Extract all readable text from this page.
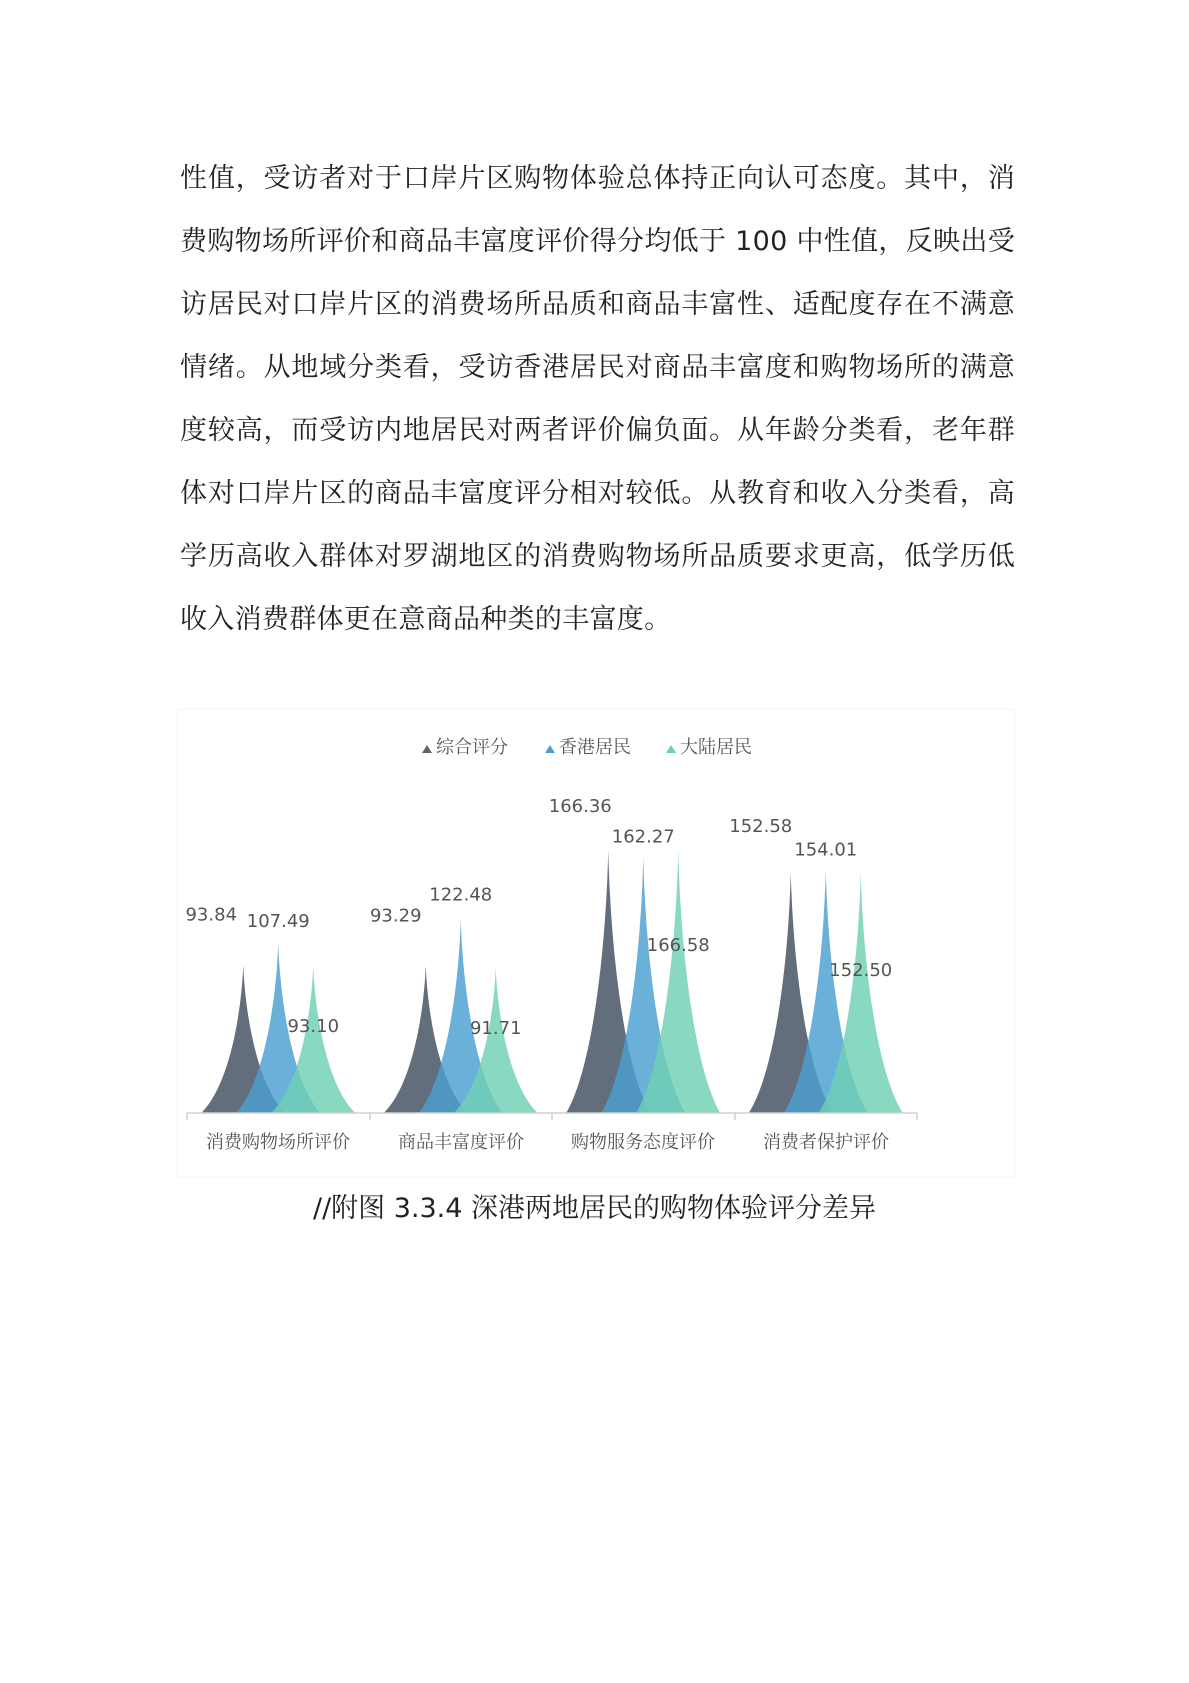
性值，受访者对于口岸片区购物体验总体持正向认可态度。其中，消
费购物场所评价和商品丰富度评价得分均低于 100 中性值，反映出受
访居民对口岸片区的消费场所品质和商品丰富性、适配度存在不满意
情绪。从地域分类看，受访香港居民对商品丰富度和购物场所的满意
度较高，而受访内地居民对两者评价偏负面。从年龄分类看，老年群
体对口岸片区的商品丰富度评分相对较低。从教育和收入分类看，高
学历高收入群体对罗湖地区的消费购物场所品质要求更高，低学历低
收入消费群体更在意商品种类的丰富度。
综合评分	香港居民	大陆居民
消费购物场所评价	商品丰富度评价	购物服务态度评价	消费者保护评价
93.84 107.49
93.10
93.29
122.48
91.71
166.36
162.27
166.58
152.58
154.01
152.50
//附图 3.3.4 深港两地居民的购物体验评分差异
